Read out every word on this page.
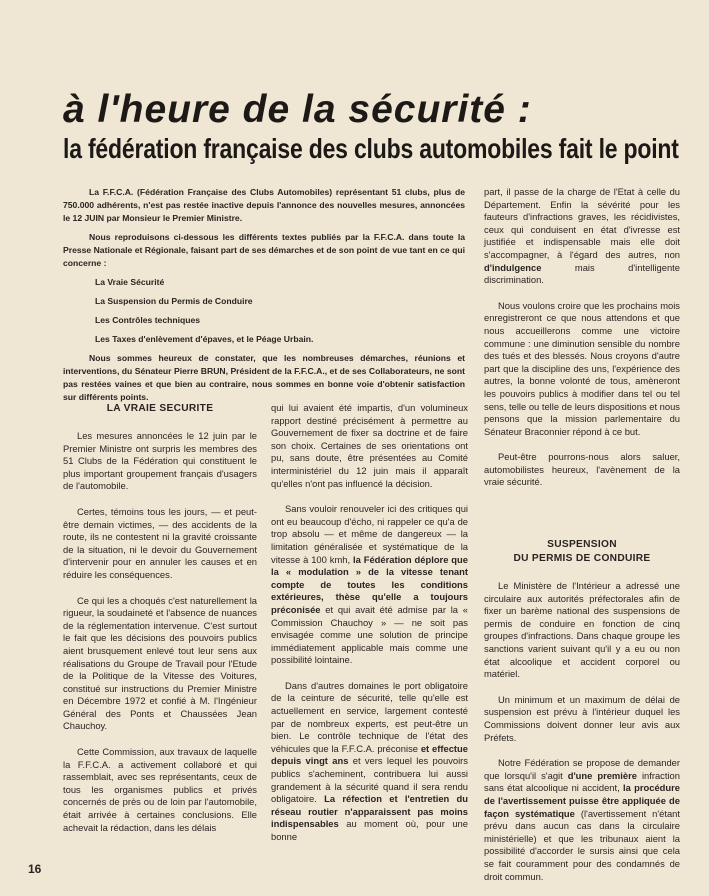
à l'heure de la sécurité :
la fédération française des clubs automobiles fait le point

La F.F.C.A. (Fédération Française des Clubs Automobiles) représentant 51 clubs, plus de 750.000 adhérents, n'est pas restée inactive depuis l'annonce des nouvelles mesures, annoncées le 12 JUIN par Monsieur le Premier Ministre.

Nous reproduisons ci-dessous les différents textes publiés par la F.F.C.A. dans toute la Presse Nationale et Régionale, faisant part de ses démarches et de son point de vue tant en ce qui concerne :

La Vraie Sécurité
La Suspension du Permis de Conduire
Les Contrôles techniques
Les Taxes d'enlèvement d'épaves, et le Péage Urbain.

Nous sommes heureux de constater, que les nombreuses démarches, réunions et interventions, du Sénateur Pierre BRUN, Président de la F.F.C.A., et de ses Collaborateurs, ne sont pas restées vaines et que bien au contraire, nous sommes en bonne voie d'obtenir satisfaction sur différents points.

LA VRAIE SECURITE

Les mesures annoncées le 12 juin par le Premier Ministre ont surpris les membres des 51 Clubs de la Fédération qui constituent le plus important groupement français d'usagers de l'automobile.

Certes, témoins tous les jours, — et peut-être demain victimes, — des accidents de la route, ils ne contestent ni la gravité croissante de la situation, ni le devoir du Gouvernement d'intervenir pour en annuler les causes et en réduire les conséquences.

Ce qui les a choqués c'est naturellement la rigueur, la soudaineté et l'absence de nuances de la réglementation intervenue. C'est surtout le fait que les décisions des pouvoirs publics aient brusquement enlevé tout leur sens aux réalisations du Groupe de Travail pour l'Etude de la Politique de la Vitesse des Voitures, constitué sur instructions du Premier Ministre en Décembre 1972 et confié à M. l'Ingénieur Général des Ponts et Chaussées Jean Chauchoy.

Cette Commission, aux travaux de laquelle la F.F.C.A. a activement collaboré et qui rassemblait, avec ses représentants, ceux de tous les organismes publics et privés concernés de près ou de loin par l'automobile, était arrivée à certaines conclusions. Elle achevait la rédaction, dans les délais

qui lui avaient été impartis, d'un volumineux rapport destiné précisément à permettre au Gouvernement de fixer sa doctrine et de faire son choix. Certaines de ses orientations ont pu, sans doute, être présentées au Comité interministériel du 12 juin mais il apparaît qu'elles n'ont pas influencé la décision.

Sans vouloir renouveler ici des critiques qui ont eu beaucoup d'écho, ni rappeler ce qu'a de trop absolu — et même de dangereux — la limitation généralisée et systématique de la vitesse à 100 kmh, la Fédération déplore que la « modulation » de la vitesse tenant compte de toutes les conditions extérieures, thèse qu'elle a toujours préconisée et qui avait été admise par la « Commission Chauchoy » — ne soit pas envisagée comme une solution de principe immédiatement applicable mais comme une possibilité lointaine.

Dans d'autres domaines le port obligatoire de la ceinture de sécurité, telle qu'elle est actuellement en service, largement contesté par de nombreux experts, est peut-être un bien. Le contrôle technique de l'état des véhicules que la F.F.C.A. préconise et effectue depuis vingt ans et vers lequel les pouvoirs publics s'acheminent, contribuera lui aussi grandement à la sécurité quand il sera rendu obligatoire. La réfection et l'entretien du réseau routier n'apparaissent pas moins indispensables au moment où, pour une bonne

part, il passe de la charge de l'Etat à celle du Département. Enfin la sévérité pour les fauteurs d'infractions graves, les récidivistes, ceux qui conduisent en état d'ivresse est justifiée et indispensable mais elle doit s'accompagner, à l'égard des autres, non d'indulgence mais d'intelligente discrimination.

Nous voulons croire que les prochains mois enregistreront ce que nous attendons et que nous accueillerons comme une victoire commune : une diminution sensible du nombre des tués et des blessés. Nous croyons d'autre part que la discipline des uns, l'expérience des autres, la bonne volonté de tous, amèneront les pouvoirs publics à modifier dans tel ou tel sens, telle ou telle de leurs dispositions et nous pensons que la mission parlementaire du Sénateur Braconnier répond à ce but.

Peut-être pourrons-nous alors saluer, automobilistes heureux, l'avènement de la vraie sécurité.

SUSPENSION
DU PERMIS DE CONDUIRE

Le Ministère de l'Intérieur a adressé une circulaire aux autorités préfectorales afin de fixer un barème national des suspensions de permis de conduire en fonction de cinq groupes d'infractions. Dans chaque groupe les sanctions varient suivant qu'il y a eu ou non état alcoolique et accident corporel ou matériel.

Un minimum et un maximum de délai de suspension est prévu à l'intérieur duquel les Commissions doivent donner leur avis aux Préfets.

Notre Fédération se propose de demander que lorsqu'il s'agit d'une première infraction sans état alcoolique ni accident, la procédure de l'avertissement puisse être appliquée de façon systématique (l'avertissement n'étant prévu dans aucun cas dans la circulaire ministérielle) et que les tribunaux aient la possibilité d'accorder le sursis ainsi que cela se fait couramment pour des condamnés de droit commun.

16
